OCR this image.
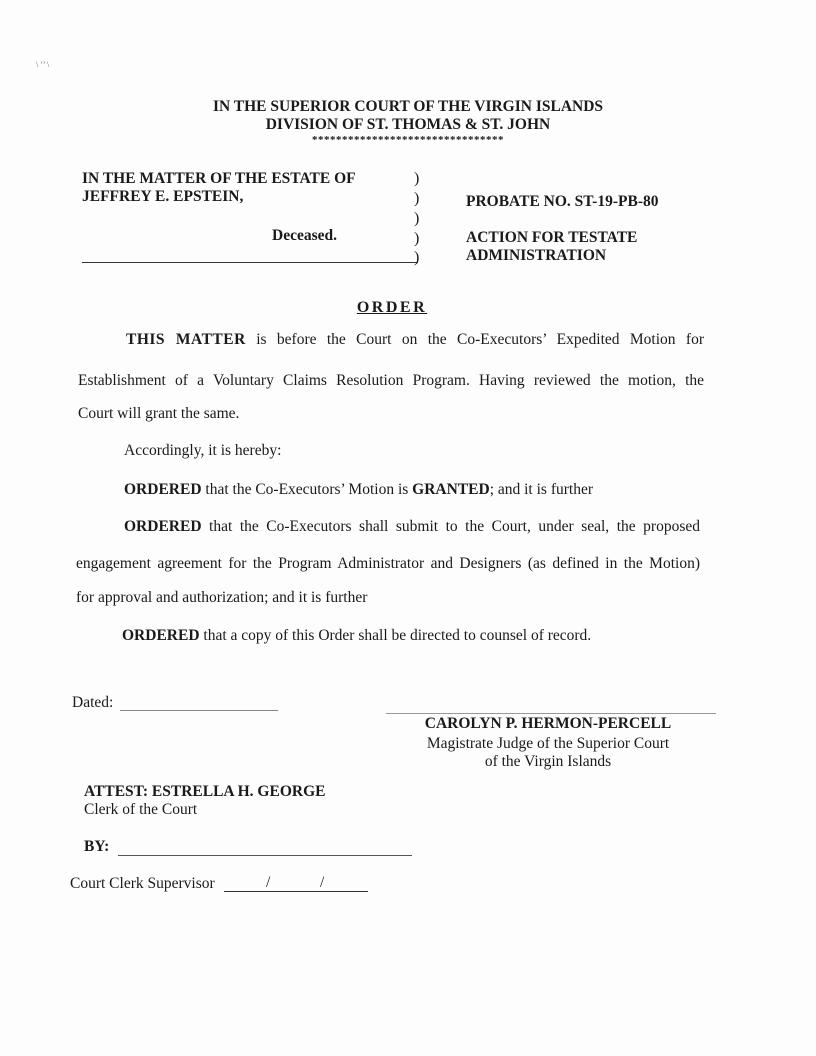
\ ‘’ \
IN THE SUPERIOR COURT OF THE VIRGIN ISLANDS
DIVISION OF ST. THOMAS & ST. JOHN
********************************
IN THE MATTER OF THE ESTATE OF
JEFFREY E. EPSTEIN,
Deceased.
)
)
)
)
)
PROBATE NO. ST-19-PB-80
ACTION FOR TESTATE
ADMINISTRATION
ORDER
THIS MATTER is before the Court on the Co-Executors’ Expedited Motion for
Establishment of a Voluntary Claims Resolution Program. Having reviewed the motion, the
Court will grant the same.
Accordingly, it is hereby:
ORDERED that the Co-Executors’ Motion is GRANTED; and it is further
ORDERED that the Co-Executors shall submit to the Court, under seal, the proposed
engagement agreement for the Program Administrator and Designers (as defined in the Motion)
for approval and authorization; and it is further
ORDERED that a copy of this Order shall be directed to counsel of record.
Dated:
CAROLYN P. HERMON-PERCELL
Magistrate Judge of the Superior Court
of the Virgin Islands
ATTEST: ESTRELLA H. GEORGE
Clerk of the Court
BY:
Court Clerk Supervisor	/	/
